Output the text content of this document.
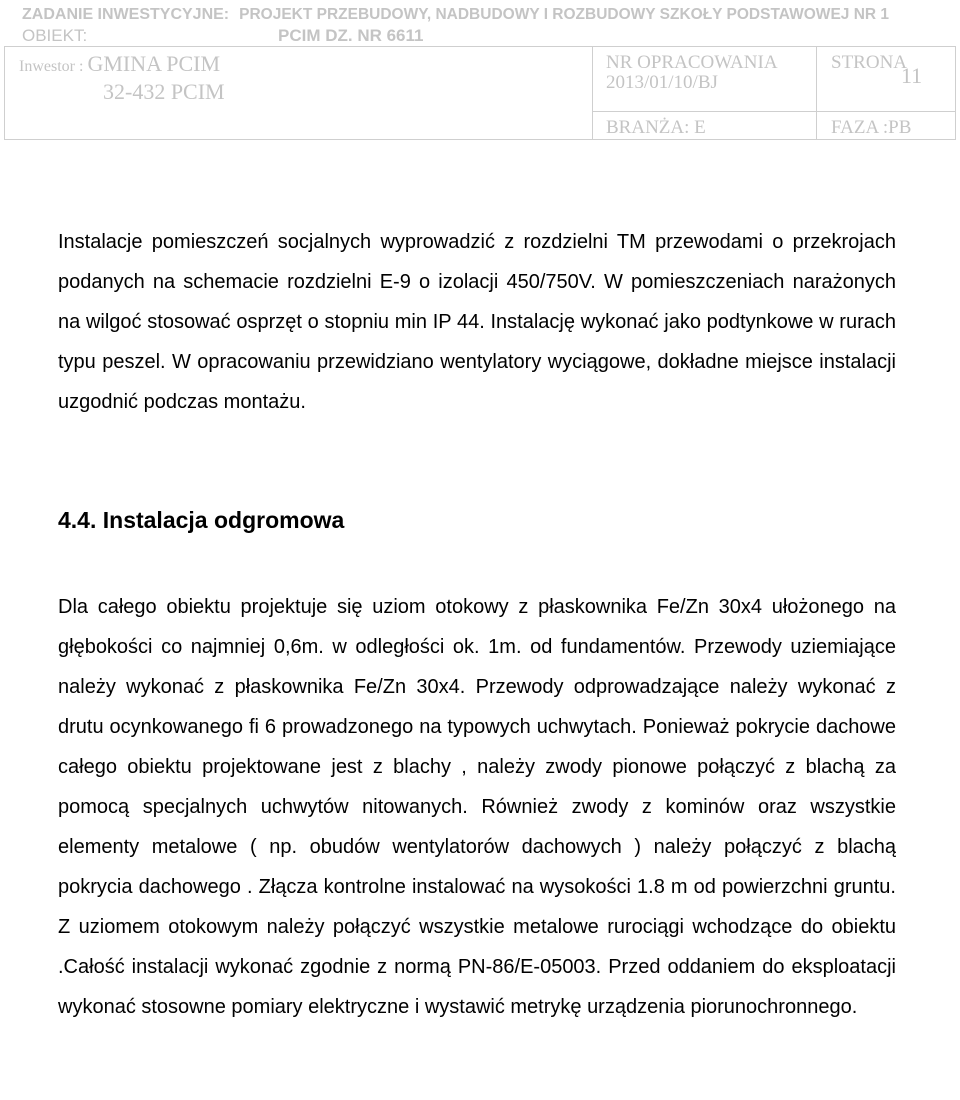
ZADANIE INWESTYCYJNE: PROJEKT PRZEBUDOWY, NADBUDOWY I ROZBUDOWY SZKOŁY PODSTAWOWEJ NR 1
OBIEKT:	PCIM DZ. NR 6611
Inwestor : GMINA PCIM
32-432 PCIM
NR OPRACOWANIA
2013/01/10/BJ
STRONA
11
BRANŻA: E	FAZA :PB

Instalacje pomieszczeń socjalnych wyprowadzić z rozdzielni TM przewodami o przekrojach podanych na schemacie rozdzielni E-9 o izolacji 450/750V. W pomieszczeniach narażonych na wilgoć stosować osprzęt o stopniu min IP 44. Instalację wykonać jako podtynkowe w rurach typu peszel. W opracowaniu przewidziano wentylatory wyciągowe, dokładne miejsce instalacji uzgodnić podczas montażu.

4.4. Instalacja odgromowa

Dla całego obiektu projektuje się uziom otokowy z płaskownika Fe/Zn 30x4 ułożonego na głębokości co najmniej 0,6m. w odległości ok. 1m. od fundamentów. Przewody uziemiające należy wykonać z płaskownika Fe/Zn 30x4. Przewody odprowadzające należy wykonać z drutu ocynkowanego fi 6 prowadzonego na typowych uchwytach. Ponieważ pokrycie dachowe całego obiektu projektowane jest z blachy , należy zwody pionowe połączyć z blachą za pomocą specjalnych uchwytów nitowanych. Również zwody z kominów oraz wszystkie elementy metalowe ( np. obudów wentylatorów dachowych ) należy połączyć z blachą pokrycia dachowego . Złącza kontrolne instalować na wysokości 1.8 m od powierzchni gruntu. Z uziomem otokowym należy połączyć wszystkie metalowe rurociągi wchodzące do obiektu .Całość instalacji wykonać zgodnie z normą PN-86/E-05003. Przed oddaniem do eksploatacji wykonać stosowne pomiary elektryczne i wystawić metrykę urządzenia piorunochronnego.
